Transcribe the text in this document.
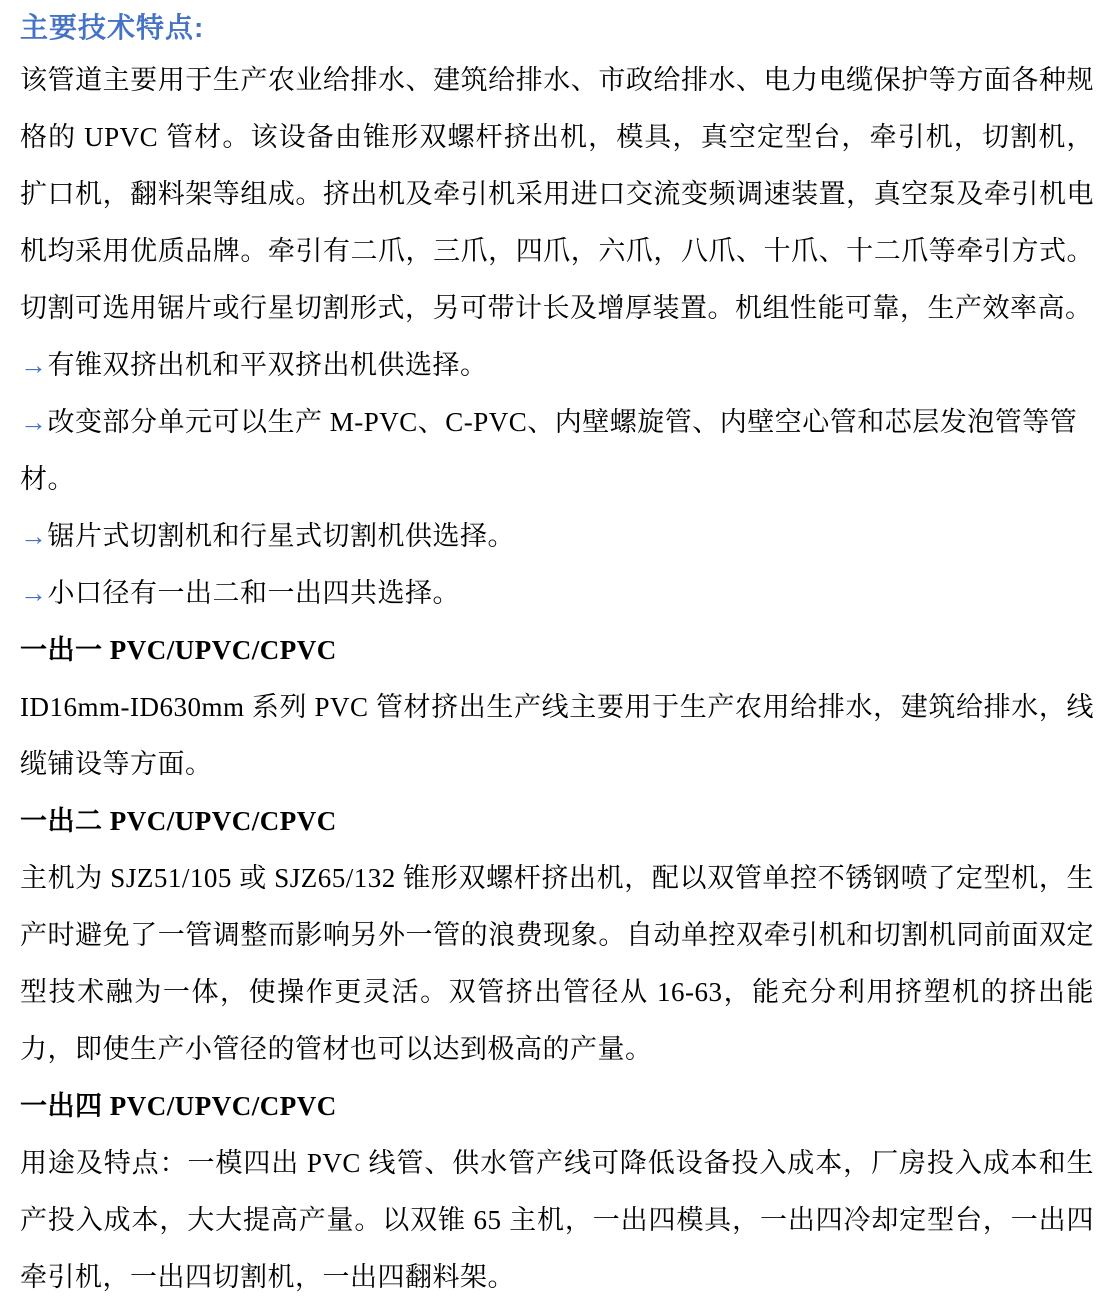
主要技术特点:

该管道主要用于生产农业给排水、建筑给排水、市政给排水、电力电缆保护等方面各种规格的 UPVC 管材。该设备由锥形双螺杆挤出机，模具，真空定型台，牵引机，切割机，扩口机，翻料架等组成。挤出机及牵引机采用进口交流变频调速装置，真空泵及牵引机电机均采用优质品牌。牵引有二爪，三爪，四爪，六爪，八爪、十爪、十二爪等牵引方式。切割可选用锯片或行星切割形式，另可带计长及增厚装置。机组性能可靠，生产效率高。

→有锥双挤出机和平双挤出机供选择。

→改变部分单元可以生产 M-PVC、C-PVC、内壁螺旋管、内壁空心管和芯层发泡管等管材。

→锯片式切割机和行星式切割机供选择。

→小口径有一出二和一出四共选择。

一出一 PVC/UPVC/CPVC

ID16mm-ID630mm 系列 PVC 管材挤出生产线主要用于生产农用给排水，建筑给排水，线缆铺设等方面。

一出二 PVC/UPVC/CPVC

主机为 SJZ51/105 或 SJZ65/132 锥形双螺杆挤出机，配以双管单控不锈钢喷了定型机，生产时避免了一管调整而影响另外一管的浪费现象。自动单控双牵引机和切割机同前面双定型技术融为一体，使操作更灵活。双管挤出管径从 16-63，能充分利用挤塑机的挤出能力，即使生产小管径的管材也可以达到极高的产量。

一出四 PVC/UPVC/CPVC

用途及特点：一模四出 PVC 线管、供水管产线可降低设备投入成本，厂房投入成本和生产投入成本，大大提高产量。以双锥 65 主机，一出四模具，一出四冷却定型台，一出四牵引机，一出四切割机，一出四翻料架。
